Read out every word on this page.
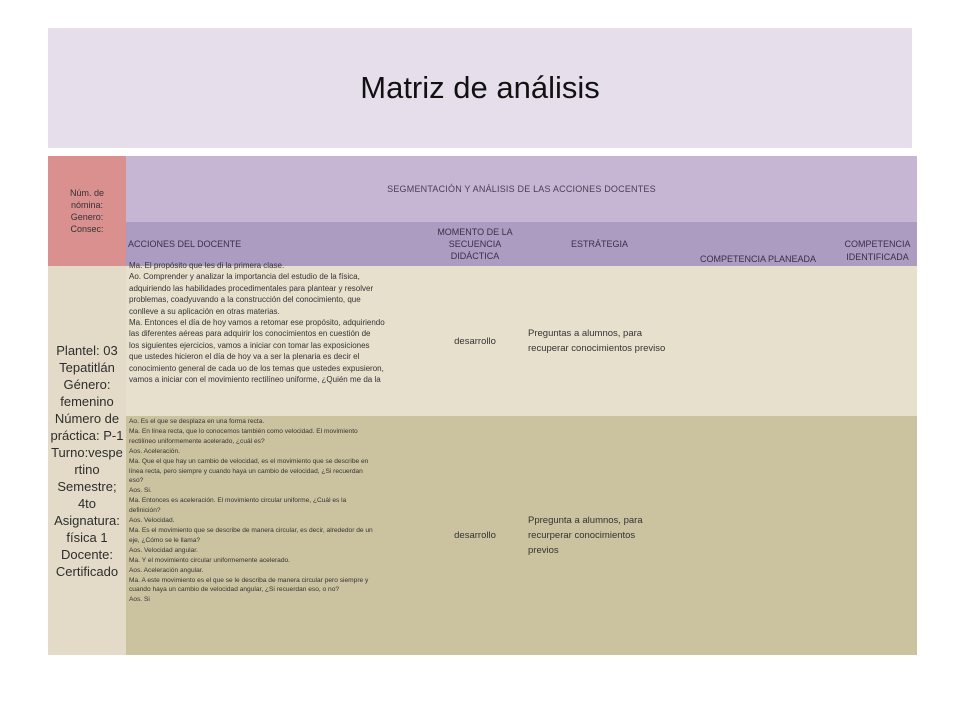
Matriz de análisis
Núm. de
nómina:
Genero:
Consec:
SEGMENTACIÓN Y ANÁLISIS DE LAS ACCIONES DOCENTES
ACCIONES DEL DOCENTE
MOMENTO DE LA
SECUENCIA DIDÁCTICA
ESTRÁTEGIA
COMPETENCIA PLANEADA
COMPETENCIA
IDENTIFICADA
Plantel: 03
Tepatitlán
Género:
femenino
Número de
práctica: P-1
Turno:vespe
rtino
Semestre;
4to
Asignatura:
física 1
Docente:
Certificado
Ma. El propósito que les di la primera clase.
Ao. Comprender y analizar la importancia del estudio de la física,
adquiriendo las habilidades procedimentales para plantear y resolver
problemas, coadyuvando a la construcción del conocimiento, que
conlleve a su aplicación en otras materias.
Ma. Entonces el día de hoy vamos a retomar ese propósito, adquiriendo
las diferentes aéreas para adquirir los conocimientos en cuestión de
los siguientes ejercicios, vamos a iniciar con tomar las exposiciones
que ustedes hicieron el día de hoy va a ser la plenaria es decir el
conocimiento general de cada uo de los temas que ustedes expusieron,
vamos a iniciar con el movimiento rectilíneo uniforme, ¿Quién me da la
desarrollo
Preguntas a alumnos, para
recuperar conocimientos previso
Ao. Es el que se desplaza en una forma recta.
Ma. En línea recta, que lo conocemos también como velocidad. El movimiento
rectilíneo uniformemente acelerado, ¿cuál es?
Aos. Aceleración.
Ma. Que el que hay un cambio de velocidad, es el movimiento que se describe en
línea recta, pero siempre y cuando haya un cambio de velocidad, ¿Si recuerdan
eso?
Aos. Si.
Ma. Entonces es aceleración. El movimiento circular uniforme, ¿Cuál es la
definición?
Aos. Velocidad.
Ma. Es el movimiento que se describe de manera circular, es decir, alrededor de un
eje, ¿Cómo se le llama?
Aos. Velocidad angular.
Ma. Y el movimiento circular uniformemente acelerado.
Aos. Aceleración angular.
Ma. A este movimiento es el que se le describa de manera circular pero siempre y
cuando haya un cambio de velocidad angular, ¿Si recuerdan eso, o no?
Aos. Si
desarrollo
Ppregunta a alumnos, para
recurperar conocimientos
previos
